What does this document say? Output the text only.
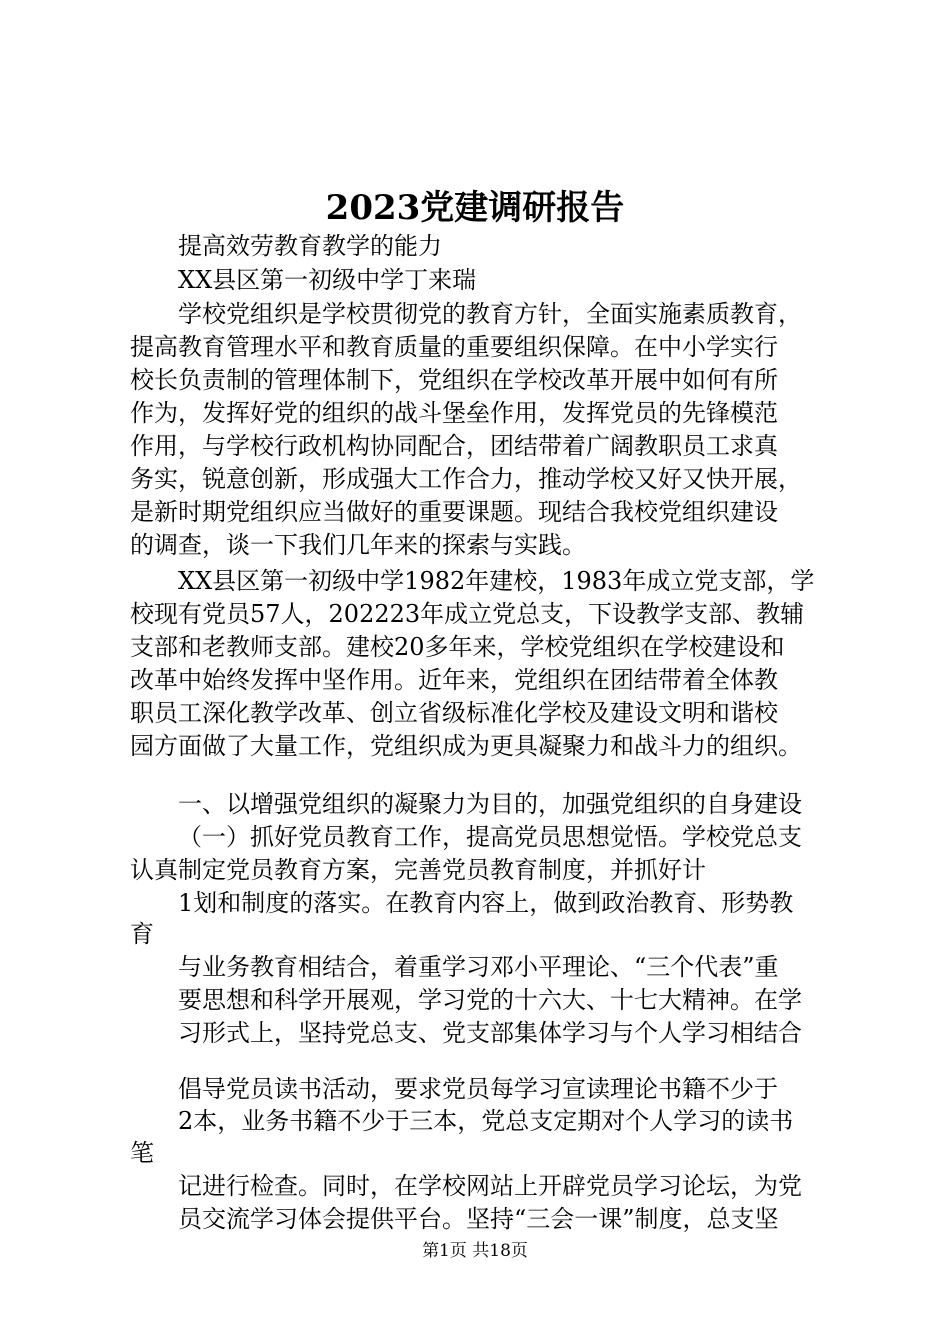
2023党建调研报告
提高效劳教育教学的能力
XX县区第一初级中学丁来瑞
学校党组织是学校贯彻党的教育方针，全面实施素质教育，
提高教育管理水平和教育质量的重要组织保障。在中小学实行
校长负责制的管理体制下，党组织在学校改革开展中如何有所
作为，发挥好党的组织的战斗堡垒作用，发挥党员的先锋模范
作用，与学校行政机构协同配合，团结带着广阔教职员工求真
务实，锐意创新，形成强大工作合力，推动学校又好又快开展，
是新时期党组织应当做好的重要课题。现结合我校党组织建设
的调查，谈一下我们几年来的探索与实践。
XX县区第一初级中学1982年建校，1983年成立党支部，学
校现有党员57人，202223年成立党总支，下设教学支部、教辅
支部和老教师支部。建校20多年来，学校党组织在学校建设和
改革中始终发挥中坚作用。近年来，党组织在团结带着全体教
职员工深化教学改革、创立省级标准化学校及建设文明和谐校
园方面做了大量工作，党组织成为更具凝聚力和战斗力的组织。
一、以增强党组织的凝聚力为目的，加强党组织的自身建设
（一）抓好党员教育工作，提高党员思想觉悟。学校党总支
认真制定党员教育方案，完善党员教育制度，并抓好计
1划和制度的落实。在教育内容上，做到政治教育、形势教
育
与业务教育相结合，着重学习邓小平理论、“三个代表”重
要思想和科学开展观，学习党的十六大、十七大精神。在学
习形式上，坚持党总支、党支部集体学习与个人学习相结合
倡导党员读书活动，要求党员每学习宣读理论书籍不少于
2本，业务书籍不少于三本，党总支定期对个人学习的读书
笔
记进行检查。同时，在学校网站上开辟党员学习论坛，为党
员交流学习体会提供平台。坚持“三会一课”制度，总支坚
第1页 共18页
